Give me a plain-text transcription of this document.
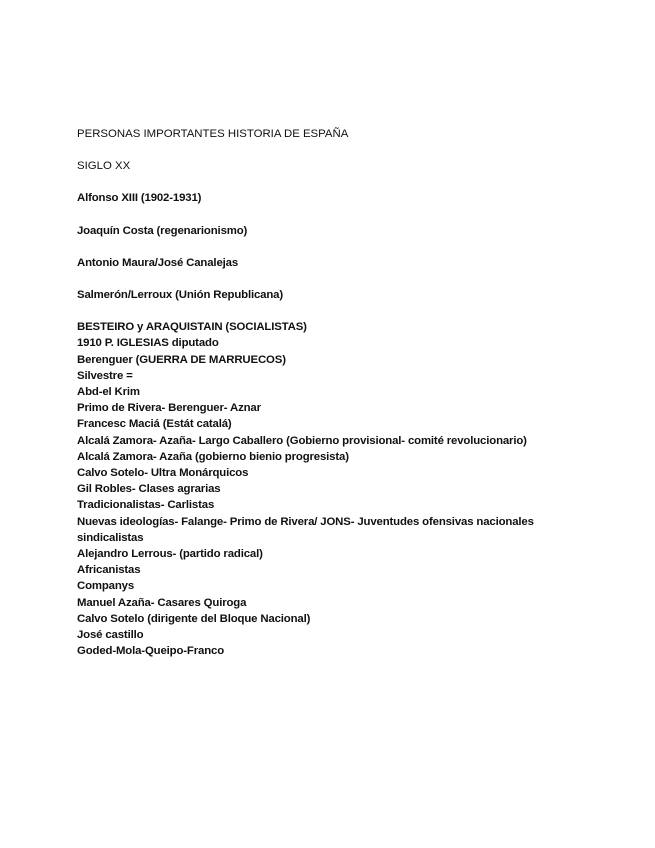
PERSONAS IMPORTANTES HISTORIA DE ESPAÑA
SIGLO XX
Alfonso XIII (1902-1931)
Joaquín Costa (regenarionismo)
Antonio Maura/José Canalejas
Salmerón/Lerroux (Unión Republicana)
BESTEIRO y ARAQUISTAIN (SOCIALISTAS)
1910 P. IGLESIAS diputado
Berenguer (GUERRA DE MARRUECOS)
Silvestre =
Abd-el Krim
Primo de Rivera- Berenguer- Aznar
Francesc Maciá (Estát catalá)
Alcalá Zamora- Azaña- Largo Caballero (Gobierno provisional- comité revolucionario)
Alcalá Zamora- Azaña (gobierno bienio progresista)
Calvo Sotelo- Ultra Monárquicos
Gil Robles- Clases agrarias
Tradicionalistas- Carlistas
Nuevas ideologías- Falange- Primo de Rivera/ JONS- Juventudes ofensivas nacionales sindicalistas
Alejandro Lerrous- (partido radical)
Africanistas
Companys
Manuel Azaña- Casares Quiroga
Calvo Sotelo (dirigente del Bloque Nacional)
José castillo
Goded-Mola-Queipo-Franco
